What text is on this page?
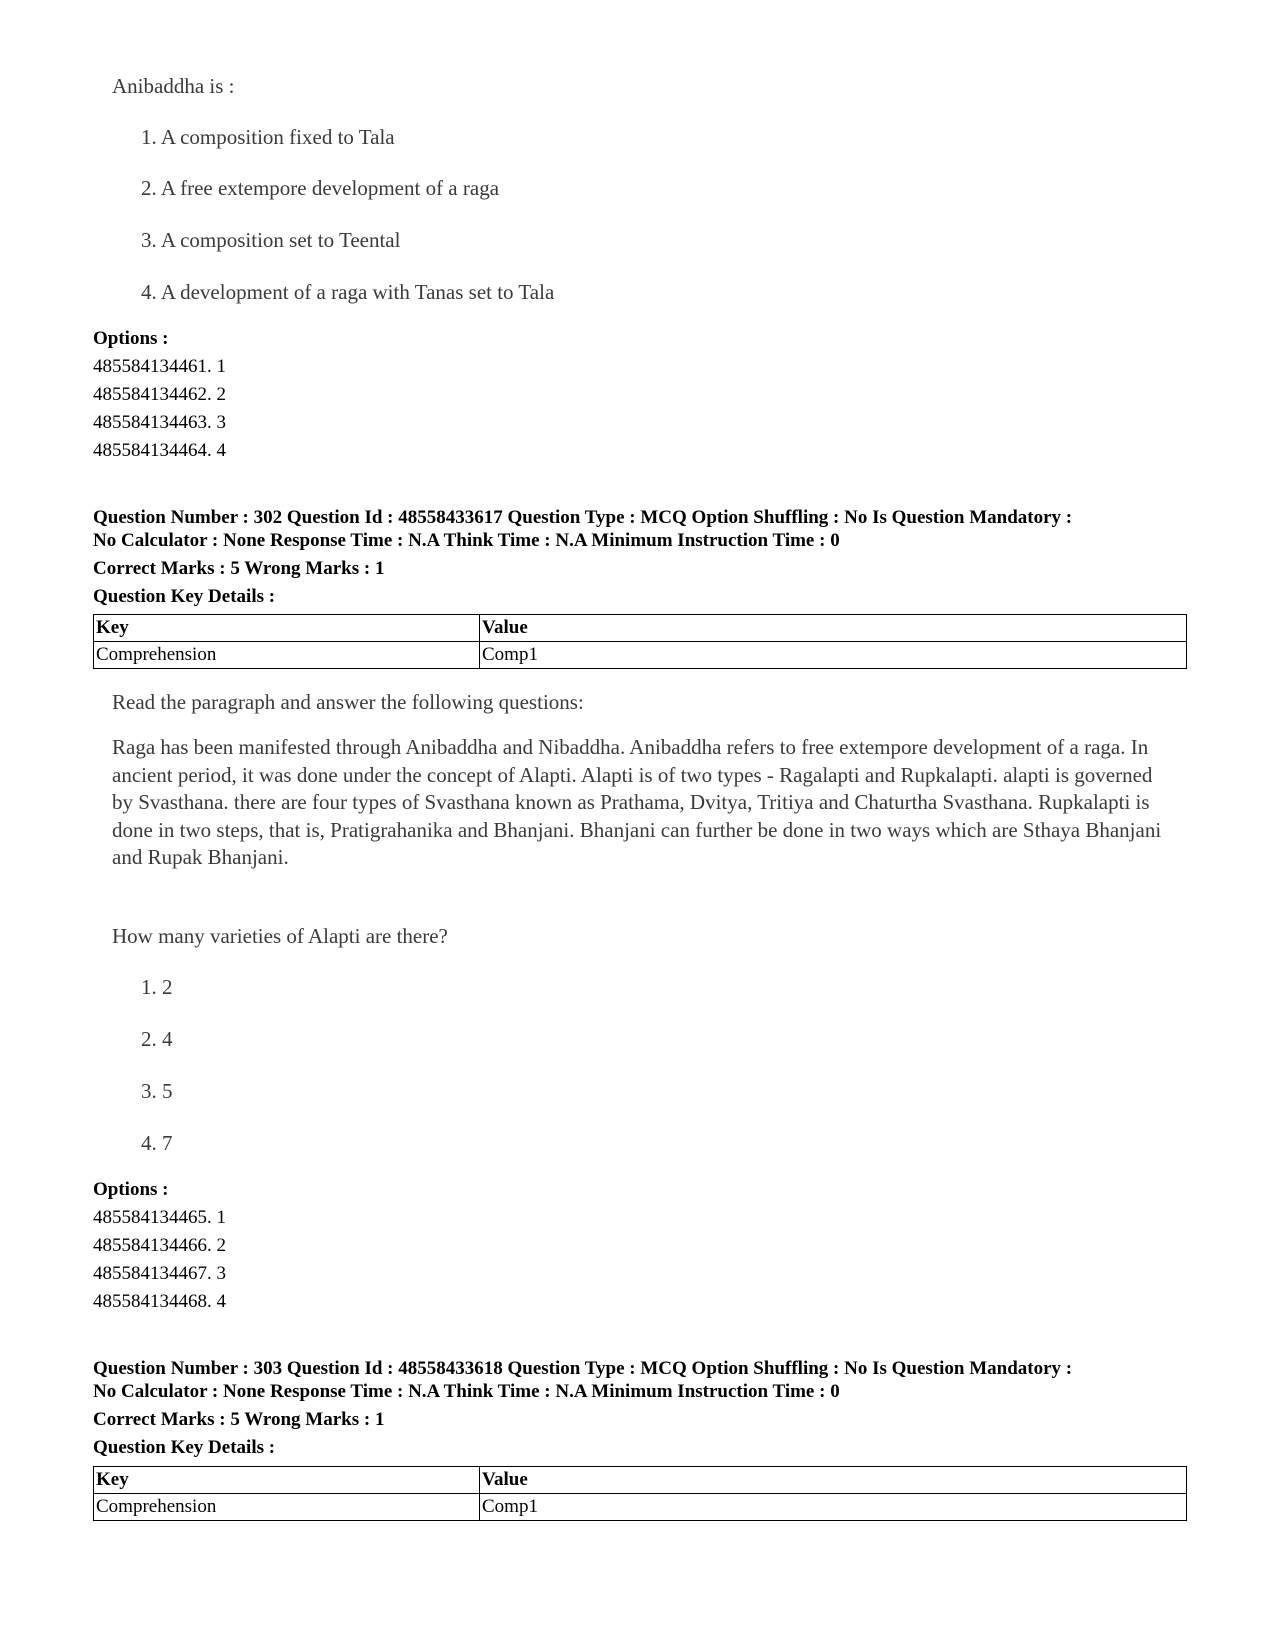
Anibaddha is :
1. A composition fixed to Tala
2. A free extempore development of a raga
3. A composition set to Teental
4. A development of a raga with Tanas set to Tala
Options :
485584134461. 1
485584134462. 2
485584134463. 3
485584134464. 4
Question Number : 302 Question Id : 48558433617 Question Type : MCQ Option Shuffling : No Is Question Mandatory :
No Calculator : None Response Time : N.A Think Time : N.A Minimum Instruction Time : 0
Correct Marks : 5 Wrong Marks : 1
Question Key Details :
Key	Value
Comprehension	Comp1
Read the paragraph and answer the following questions:
Raga has been manifested through Anibaddha and Nibaddha. Anibaddha refers to free extempore development of a raga. In ancient period, it was done under the concept of Alapti. Alapti is of two types - Ragalapti and Rupkalapti. alapti is governed by Svasthana. there are four types of Svasthana known as Prathama, Dvitya, Tritiya and Chaturtha Svasthana. Rupkalapti is done in two steps, that is, Pratigrahanika and Bhanjani. Bhanjani can further be done in two ways which are Sthaya Bhanjani and Rupak Bhanjani.
How many varieties of Alapti are there?
1. 2
2. 4
3. 5
4. 7
Options :
485584134465. 1
485584134466. 2
485584134467. 3
485584134468. 4
Question Number : 303 Question Id : 48558433618 Question Type : MCQ Option Shuffling : No Is Question Mandatory :
No Calculator : None Response Time : N.A Think Time : N.A Minimum Instruction Time : 0
Correct Marks : 5 Wrong Marks : 1
Question Key Details :
Key	Value
Comprehension	Comp1
